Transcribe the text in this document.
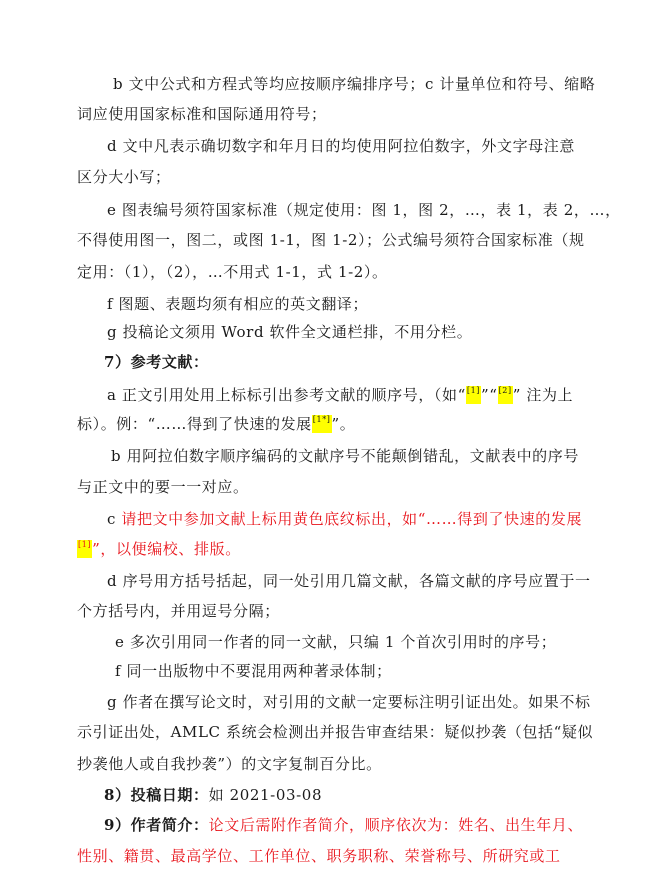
b 文中公式和方程式等均应按顺序编排序号；c 计量单位和符号、缩略
词应使用国家标准和国际通用符号；
d 文中凡表示确切数字和年月日的均使用阿拉伯数字，外文字母注意
区分大小写；
e 图表编号须符国家标准（规定使用：图 1，图 2，…，表 1，表 2，…，
不得使用图一，图二，或图 1-1，图 1-2）；公式编号须符合国家标准（规
定用：（1），（2），…不用式 1-1，式 1-2）。
f 图题、表题均须有相应的英文翻译；
g 投稿论文须用 Word 软件全文通栏排，不用分栏。
7）参考文献：
a 正文引用处用上标标引出参考文献的顺序号，（如“[1]”“[2]” 注为上
标）。例：“……得到了快速的发展[1*]”。
b 用阿拉伯数字顺序编码的文献序号不能颠倒错乱，文献表中的序号
与正文中的要一一对应。
c 请把文中参加文献上标用黄色底纹标出，如“……得到了快速的发展
[1]”，以便编校、排版。
d 序号用方括号括起，同一处引用几篇文献，各篇文献的序号应置于一
个方括号内，并用逗号分隔；
e 多次引用同一作者的同一文献，只编 1 个首次引用时的序号；
f 同一出版物中不要混用两种著录体制；
g 作者在撰写论文时，对引用的文献一定要标注明引证出处。如果不标
示引证出处，AMLC 系统会检测出并报告审查结果：疑似抄袭（包括“疑似
抄袭他人或自我抄袭”）的文字复制百分比。
8）投稿日期：如 2021-03-08
9）作者简介：论文后需附作者简介，顺序依次为：姓名、出生年月、
性别、籍贯、最高学位、工作单位、职务职称、荣誉称号、所研究或工
